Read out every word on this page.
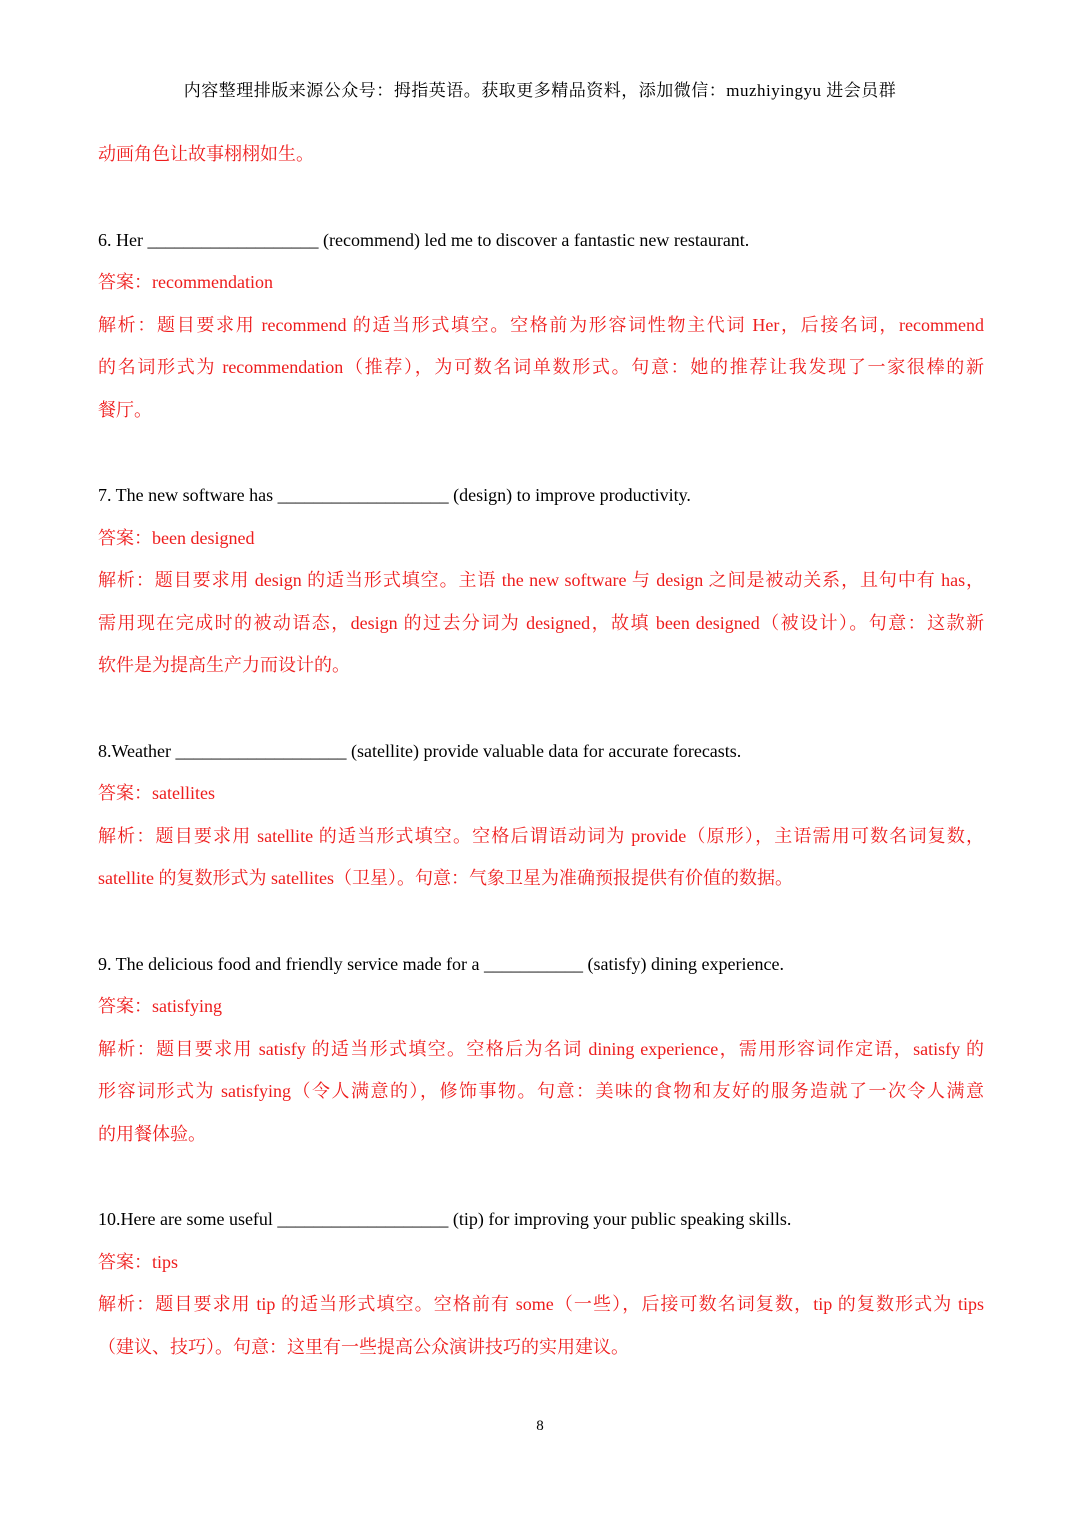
内容整理排版来源公众号：拇指英语。获取更多精品资料，添加微信：muzhiyingyu 进会员群
动画角色让故事栩栩如生。
6. Her ___________________ (recommend) led me to discover a fantastic new restaurant.
答案：recommendation
解析：题目要求用 recommend 的适当形式填空。空格前为形容词性物主代词 Her，后接名词，recommend
的名词形式为 recommendation（推荐），为可数名词单数形式。句意：她的推荐让我发现了一家很棒的新
餐厅。
7. The new software has ___________________ (design) to improve productivity.
答案：been designed
解析：题目要求用 design 的适当形式填空。主语 the new software 与 design 之间是被动关系，且句中有 has，
需用现在完成时的被动语态，design 的过去分词为 designed，故填 been designed（被设计）。句意：这款新
软件是为提高生产力而设计的。
8.Weather ___________________ (satellite) provide valuable data for accurate forecasts.
答案：satellites
解析：题目要求用 satellite 的适当形式填空。空格后谓语动词为 provide（原形），主语需用可数名词复数，
satellite 的复数形式为 satellites（卫星）。句意：气象卫星为准确预报提供有价值的数据。
9. The delicious food and friendly service made for a ___________ (satisfy) dining experience.
答案：satisfying
解析：题目要求用 satisfy 的适当形式填空。空格后为名词 dining experience，需用形容词作定语，satisfy 的
形容词形式为 satisfying（令人满意的），修饰事物。句意：美味的食物和友好的服务造就了一次令人满意
的用餐体验。
10.Here are some useful ___________________ (tip) for improving your public speaking skills.
答案：tips
解析：题目要求用 tip 的适当形式填空。空格前有 some（一些），后接可数名词复数，tip 的复数形式为 tips
（建议、技巧）。句意：这里有一些提高公众演讲技巧的实用建议。
8
